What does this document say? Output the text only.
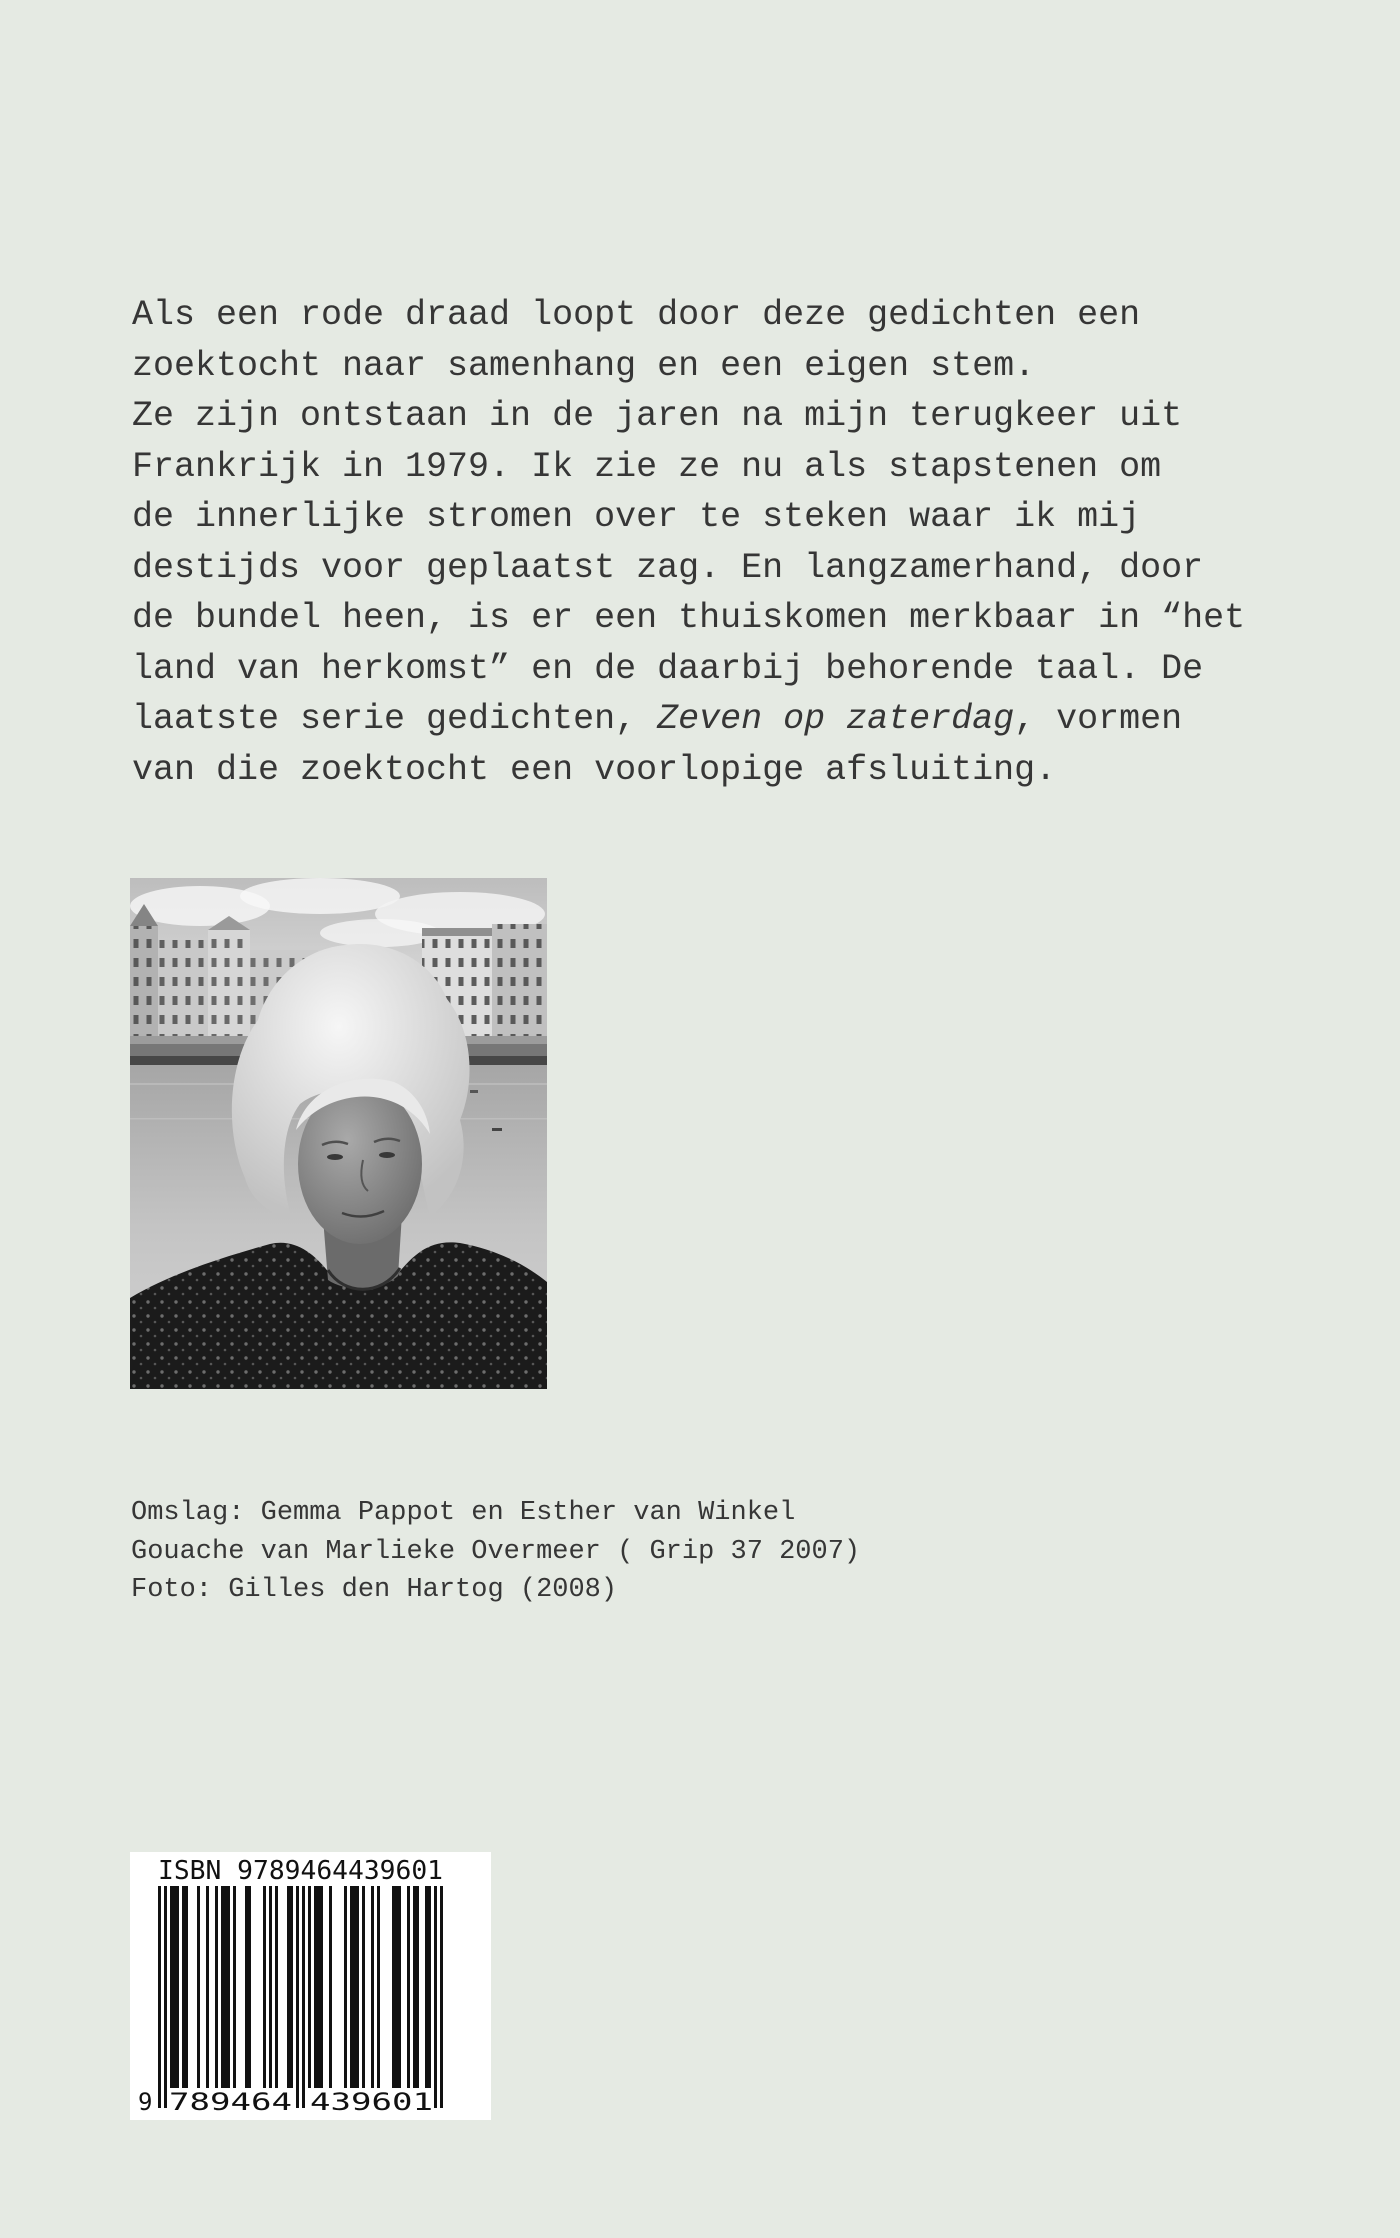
Als een rode draad loopt door deze gedichten een
zoektocht naar samenhang en een eigen stem.
Ze zijn ontstaan in de jaren na mijn terugkeer uit
Frankrijk in 1979. Ik zie ze nu als stapstenen om
de innerlijke stromen over te steken waar ik mij
destijds voor geplaatst zag. En langzamerhand, door
de bundel heen, is er een thuiskomen merkbaar in “het
land van herkomst” en de daarbij behorende taal. De
laatste serie gedichten, Zeven op zaterdag, vormen
van die zoektocht een voorlopige afsluiting.
Omslag: Gemma Pappot en Esther van Winkel
Gouache van Marlieke Overmeer ( Grip 37 2007)
Foto: Gilles den Hartog (2008)
ISBN 9789464439601
9 789464 439601
